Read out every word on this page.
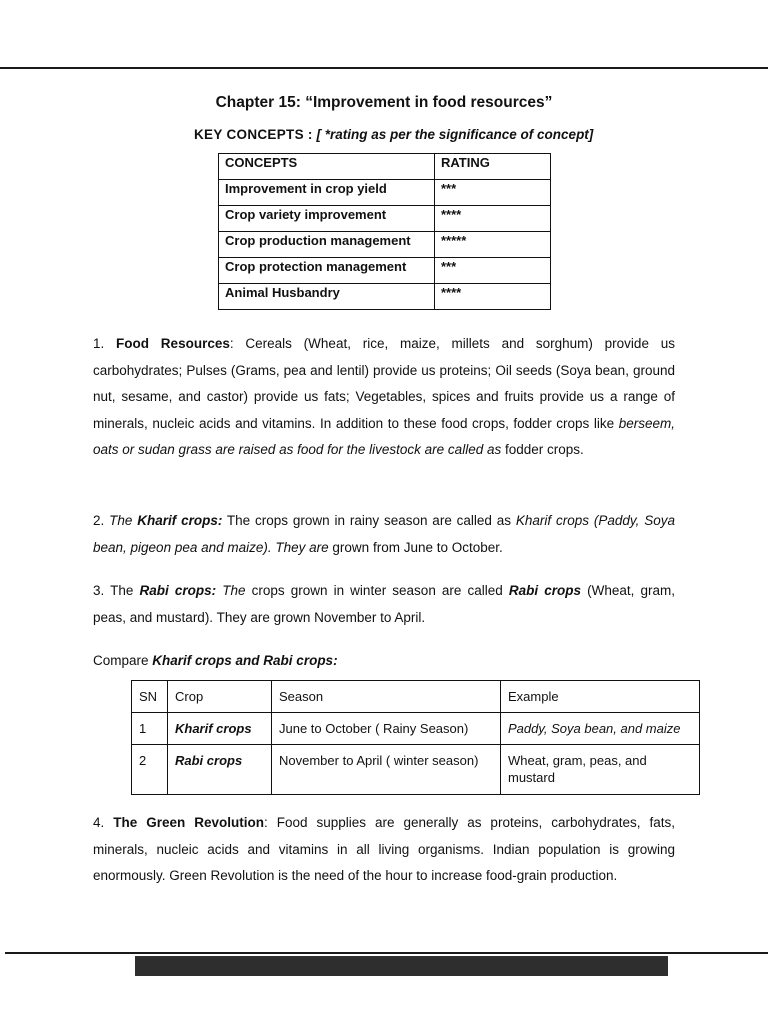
Chapter 15: “Improvement in food resources”
KEY CONCEPTS : [ *rating as per the significance of concept]
CONCEPTS	RATING
Improvement in crop yield	***
Crop variety improvement	****
Crop production management	*****
Crop protection management	***
Animal Husbandry	****
1. Food Resources: Cereals (Wheat, rice, maize, millets and sorghum) provide us carbohydrates; Pulses (Grams, pea and lentil) provide us proteins; Oil seeds (Soya bean, ground nut, sesame, and castor) provide us fats; Vegetables, spices and fruits provide us a range of minerals, nucleic acids and vitamins. In addition to these food crops, fodder crops like berseem, oats or sudan grass are raised as food for the livestock are called as fodder crops.
2. The Kharif crops: The crops grown in rainy season are called as Kharif crops (Paddy, Soya bean, pigeon pea and maize). They are grown from June to October.
3. The Rabi crops: The crops grown in winter season are called Rabi crops (Wheat, gram, peas, and mustard). They are grown November to April.
Compare Kharif crops and Rabi crops:
SN	Crop	Season	Example
1	Kharif crops	June to October ( Rainy Season)	Paddy, Soya bean, and maize
2	Rabi crops	November to April ( winter season)	Wheat, gram, peas, and mustard
4. The Green Revolution: Food supplies are generally as proteins, carbohydrates, fats, minerals, nucleic acids and vitamins in all living organisms. Indian population is growing enormously. Green Revolution is the need of the hour to increase food-grain production.
